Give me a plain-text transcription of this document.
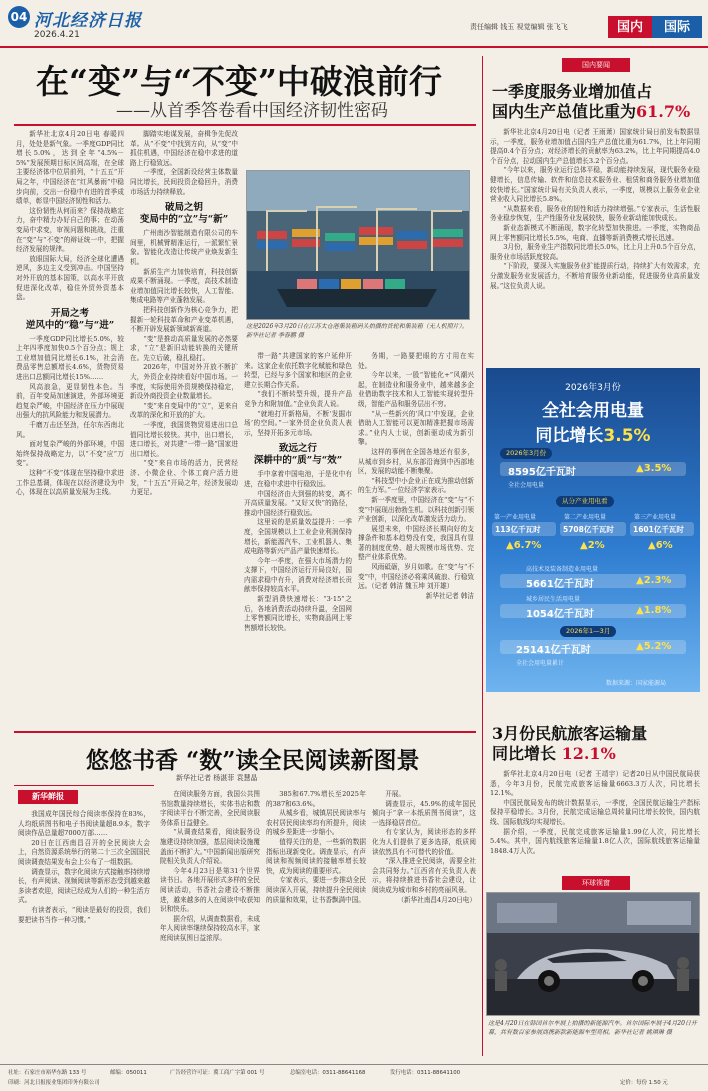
04 河北经济日报
2026.4.21
责任编辑 钱玉 视觉编辑 张飞飞	国内	国际
在“变”与“不变”中破浪前行
——从首季答卷看中国经济韧性密码

新华社北京4月20日电 春暖四月，处处是新气象。一季度GDP同比增长5.0%，达到全年“4.5%－5%”发展预期目标区间高端，在全球主要经济体中位居前列，“十五五”开局之年，中国经济在“红风暴雨”中稳步向前，交出一份稳中有进的首季成绩单，彰显中国经济韧性和活力。

这份韧性从何而来？保持战略定力，奋中精力办好自己的事；在动荡变局中求变，审视问题和挑战，注重在“变”与“不变”的辩证统一中，把握经济发展的规律。

放眼国际大局，经济全球化遭遇逆风，多边主义受到冲击。中国坚持对外开放的基本国策，以高水平开放促进深化改革，稳住外贸外资基本盘。

开局之考
逆风中的“稳”与“进”

一季度GDP同比增长5.0%，较上年四季度加快0.5个百分点；规上工业增加值同比增长6.1%，社会消费品零售总额增长4.6%，货物贸易进出口总额同比增长15%……

风高浪急，更显韧性本色。当前，百年变局加速演进，外部环境更趋复杂严峻，中国经济在压力中展现出强大的抗风险能力和发展潜力。

千磨万击还坚劲，任尔东西南北风。

面对复杂严峻的外部环境，中国始终保持战略定力，以“不变”应“万变”。

这种“不变”体现在坚持稳中求进工作总基调，体现在以经济建设为中心，体现在以高质量发展为主线。

脚踏实地谋发展，奋楫争先促改革。从“不变”中找到方向，从“变”中抓住机遇，中国经济在稳中求进的道路上行稳致远。

一季度，全国新设经营主体数量同比增长，民间投资企稳回升，消费市场活力持续释放。

破局之钥
变局中的“立”与“新”

广州南沙智能制造有限公司的车间里，机械臂精准运行，一派繁忙景象。智能化改造让传统产业焕发新生机。

新质生产力加快培育，科技创新成果不断涌现。一季度，高技术制造业增加值同比增长较快，人工智能、集成电路等产业蓬勃发展。

把科技创新作为核心竞争力，把握新一轮科技革命和产业变革机遇，不断开辟发展新领域新赛道。

“变”是推动高质量发展的必然要求，“立”是新旧动能转换的关键所在。先立后破，稳扎稳打。

2026年，中国对外开放不断扩大，外资企业持续看好中国市场。一季度，实际使用外资规模保持稳定，新设外商投资企业数量增长。

“变”来自变局中的“立”，更来自改革的深化和开放的扩大。

一季度，我国货物贸易进出口总值同比增长较快。其中，出口增长，进口增长，对共建“一带一路”国家进出口增长。

“变”来自市场的活力，民营经济、小微企业、个体工商户活力迸发，“十五五”开局之年，经济发展动力更足。

这是2026年3月20日在江苏太仓港集装箱码头拍摄的货轮和集装箱（无人机照片）。新华社记者 季春鹏 摄

带一路”共建国家的客户延伸开来。这家企业依托数字化赋能和绿色转型，已经与多个国家和地区的企业建立长期合作关系。

“我们不断转型升级，提升产品竞争力和附加值。”企业负责人说。

“就地打开新格局，不断‘发掘市场’的空间。”一家外贸企业负责人表示，坚持开拓多元市场。

致远之行
深耕中的“质”与“效”

手中拿着中国电池，于是化中有进，在稳中求进中行稳致远。

中国经济由大到强的转变，离不开高质量发展。“又好又快”的路径，推动中国经济行稳致远。

这里说的是质量效益提升：一季度，全国规模以上工业企业利润保持增长，新能源汽车、工业机器人、集成电路等新兴产品产量快速增长。

今年一季度，在强大市场潜力的支撑下，中国经济运行开局良好，国内需求稳中有升，消费对经济增长贡献率保持较高水平。

新型消费快速增长：“3·15”之后，各地消费活动持续升温，全国网上零售额同比增长，实物商品网上零售额增长较快。

务期，一路要把眼的方寸用在实处。

今年以来，一股“智能化+”风潮兴起，在制造业和服务业中，越来越多企业借助数字技术和人工智能实现转型升级，智能产品和服务层出不穷。

“从一些新兴的‘风口’中发现，企业借助人工智能可以更加精准把握市场需求。”业内人士说，创新驱动成为新引擎。

这样的事例在全国各地还有很多，从城市到乡村，从东部沿海到中西部地区，发展的动能不断集聚。

“科技型中小企业正在成为推动创新的生力军。”一位经济学家表示。

新一季度里，中国经济在“变”与“不变”中展现出勃勃生机。以科技创新引领产业创新，以深化改革激发活力动力。

展望未来，中国经济长期向好的支撑条件和基本趋势没有变，我国具有显著的制度优势、超大规模市场优势、完整产业体系优势。

风雨砥砺，岁月如歌。在“变”与“不变”中，中国经济必将乘风破浪、行稳致远。（记者 韩洁 魏玉坤 刘开雄）

新华社记者 韩洁

国内要闻
一季度服务业增加值占
国内生产总值比重为61.7%

新华社北京4月20日电（记者 王雨萧）国家统计局日前发布数据显示，一季度，服务业增加值占国内生产总值比重为61.7%，比上年同期提高0.4个百分点；对经济增长的贡献率为63.2%，比上年同期提高4.0个百分点，拉动国内生产总值增长3.2个百分点。

“今年以来，服务业运行总体平稳，新动能持续发展，现代服务业稳健增长，信息传输、软件和信息技术服务业、租赁和商务服务业增加值较快增长。”国家统计局有关负责人表示，一季度，规模以上服务业企业营业收入同比增长5.8%。

“从数据来看，服务业的韧性和活力持续增强。”专家表示，生活性服务业稳步恢复，生产性服务业发展较快，服务业新动能加快成长。

新业态新模式不断涌现，数字化转型加快推进。一季度，实物商品网上零售额同比增长5.5%，电商、直播等新消费模式增长迅速。

3月份，服务业生产指数同比增长5.0%，比上月上升0.5个百分点，服务业市场活跃度较高。

“下阶段，要深入实施服务业扩能提质行动，持续扩大有效需求，充分激发服务业发展活力，不断培育服务业新动能，促进服务业高质量发展。”这位负责人说。

2026年3月份
全社会用电量
同比增长3.5%
2026年3月份
8595亿千瓦时	▲3.5%
全社会用电量
从分产业用电看
第一产业用电量	第二产业用电量	第三产业用电量
113亿千瓦时	5708亿千瓦时	1601亿千瓦时
▲6.7%	▲2%	▲6%
高技术及装备制造业用电量
5661亿千瓦时	▲2.3%
城乡居民生活用电量
1054亿千瓦时	▲1.8%
2026年1—3月
25141亿千瓦时	▲5.2%
全社会用电量累计
数据来源：国家能源局
3月份民航旅客运输量
同比增长 12.1%

新华社北京4月20日电（记者 王靖宇）记者20日从中国民航局获悉，今年3月份，民航完成旅客运输量6663.3万人次，同比增长12.1%。

中国民航局发布的统计数据显示，一季度，全国民航运输生产指标保持平稳增长。3月份，民航完成运输总周转量同比增长较快，国内航线、国际航线均实现增长。

据介绍，一季度，民航完成旅客运输量1.99亿人次，同比增长5.4%。其中，国内航线旅客运输量1.8亿人次，国际航线旅客运输量1848.4万人次。

环球视窗
这是4月20日在韩国首尔车展上拍摄的新能源汽车。首尔国际车展于4月20日开幕，共有数百家参展商携新款新能源车型亮相。新华社记者 姚琪琳 摄
悠悠书香 “数”读全民阅读新图景
新华社记者 杨湛菲 袁慧晶
新华鲜报

我国成年国民综合阅读率保持在83%，人均纸质图书和电子书阅读量超8.9本，数字阅读作品总量超7000万部……

20日在江西南昌召开的全民阅读大会上，自然资源系统举行的第二十三次全国国民阅读调查结果发布会上公布了一组数据。

调查显示，数字化阅读方式接触率持续增长，有声阅读、视频阅读等新形态受到越来越多读者欢迎，阅读已经成为人们的一种生活方式。

有读者表示，“阅读是最好的投资，我们要把读书当作一种习惯。”

在阅读服务方面，我国公共图书馆数量持续增长，实体书店和数字阅读平台不断完善，全民阅读服务体系日益健全。

“从调查结果看，阅读服务设施建设持续加强，基层阅读设施覆盖面不断扩大。”中国新闻出版研究院相关负责人介绍说。

今年4月23日是第31个世界读书日。各地开展形式多样的全民阅读活动，书香社会建设不断推进，越来越多的人在阅读中收获知识和快乐。

据介绍，从调查数据看，未成年人阅读率继续保持较高水平，家庭阅读氛围日益浓厚。

385和67.7%增长至2025年的387和63.6%。

从城乡看，城镇居民阅读率与农村居民阅读率均有所提升，阅读的城乡差距进一步缩小。

值得关注的是，一些新的数据指标出现新变化。调查显示，有声阅读和视频阅读的接触率增长较快，成为阅读的重要形式。

专家表示，要进一步推动全民阅读深入开展，持续提升全民阅读的质量和效果，让书香飘满中国。

开展。

调查显示，45.9%的成年国民倾向于“拿一本纸质图书阅读”，这一选择稳居首位。

有专家认为，阅读形态的多样化为人们提供了更多选择，纸质阅读依然具有不可替代的价值。

“深入推进全民阅读，需要全社会共同努力。”江西省有关负责人表示，将持续推进书香社会建设，让阅读成为城市和乡村的亮丽风景。

（新华社南昌4月20日电）

社址：石家庄市裕华东路 133 号	邮编：050011	广告经营许可证：冀工商广字第 001 号	总编室电话：0311-88641168	发行电话：0311-88641100
印刷：河北日报报业集团印务有限公司	定价：每份 1.50 元
